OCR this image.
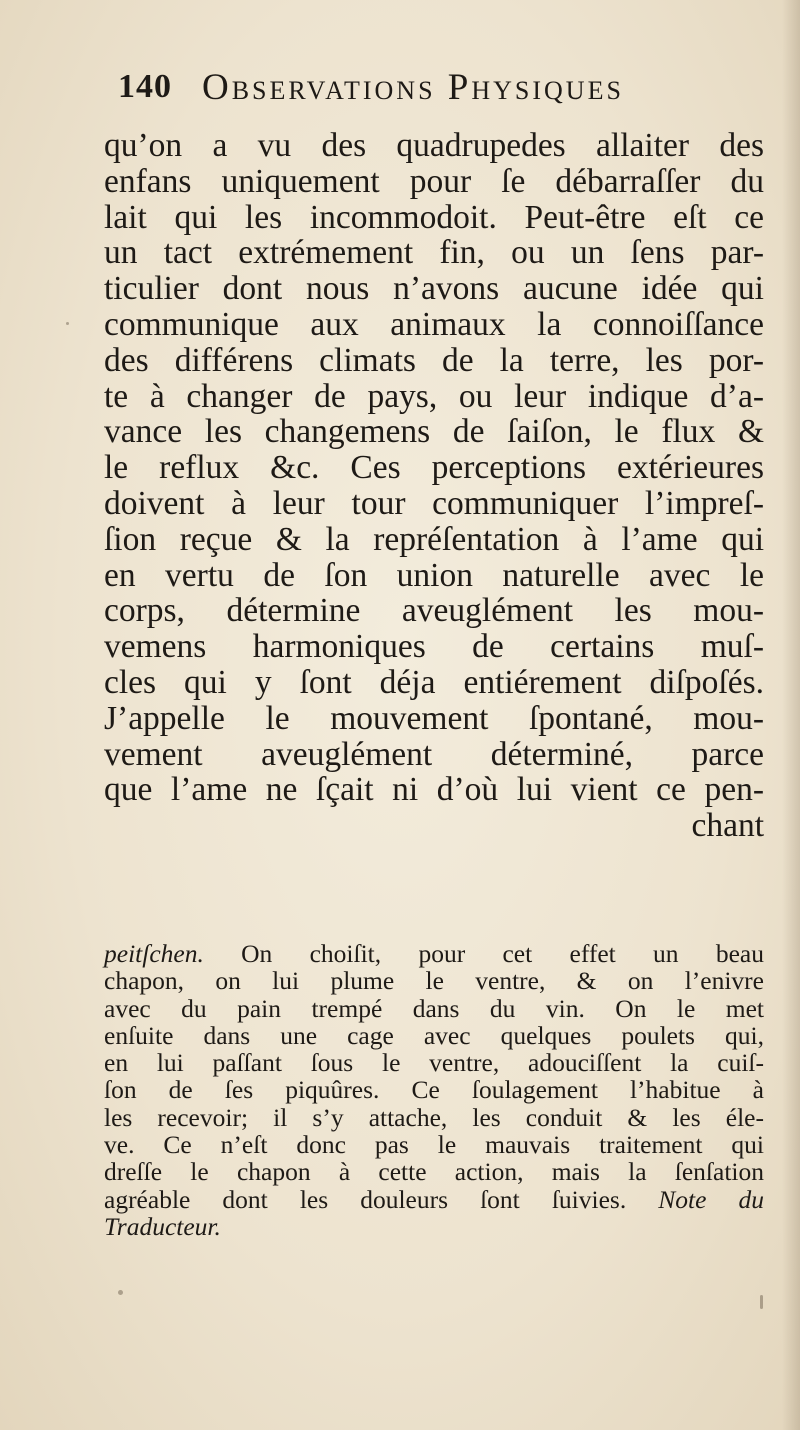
140 Observations Physiques
qu’on a vu des quadrupedes allaiter des
enfans uniquement pour ſe débarraſſer du
lait qui les incommodoit. Peut-être eſt ce
un tact extrémement fin, ou un ſens par-
ticulier dont nous n’avons aucune idée qui
communique aux animaux la connoiſſance
des différens climats de la terre, les por-
te à changer de pays, ou leur indique d’a-
vance les changemens de ſaiſon, le flux &
le reflux &c. Ces perceptions extérieures
doivent à leur tour communiquer l’impreſ-
ſion reçue & la repréſentation à l’ame qui
en vertu de ſon union naturelle avec le
corps, détermine aveuglément les mou-
vemens harmoniques de certains muſ-
cles qui y ſont déja entiérement diſpoſés.
J’appelle le mouvement ſpontané, mou-
vement aveuglément déterminé, parce
que l’ame ne ſçait ni d’où lui vient ce pen-
chant
peitſchen. On choiſit, pour cet effet un beau
chapon, on lui plume le ventre, & on l’enivre
avec du pain trempé dans du vin. On le met
enſuite dans une cage avec quelques poulets qui,
en lui paſſant ſous le ventre, adouciſſent la cuiſ-
ſon de ſes piquûres. Ce ſoulagement l’habitue à
les recevoir; il s’y attache, les conduit & les éle-
ve. Ce n’eſt donc pas le mauvais traitement qui
dreſſe le chapon à cette action, mais la ſenſation
agréable dont les douleurs ſont ſuivies. Note du
Traducteur.
